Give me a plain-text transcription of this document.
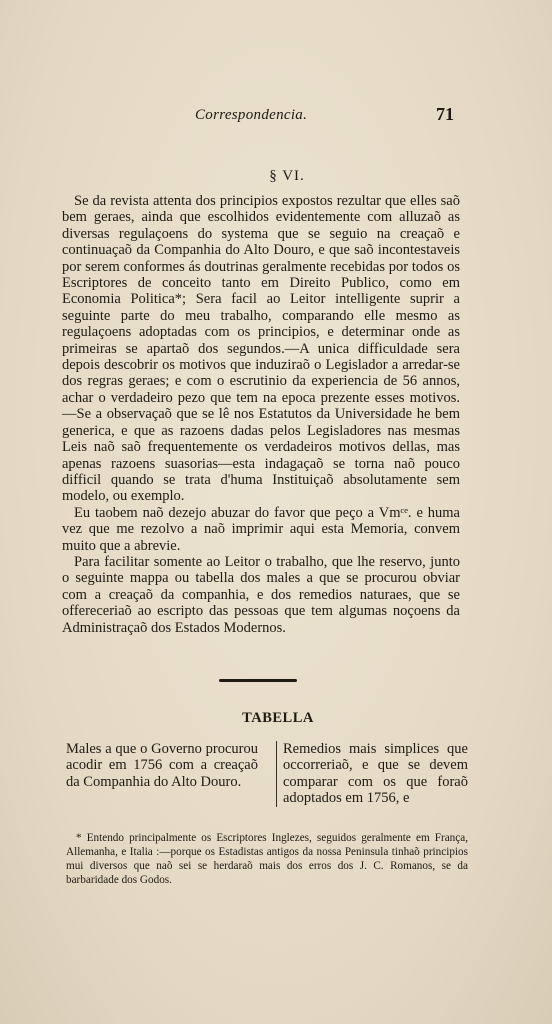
Correspondencia.	71
§ VI.

Se da revista attenta dos principios expostos rezultar que elles saõ bem geraes, ainda que escolhidos evidentemente com alluzaõ as diversas regulaçoens do systema que se seguio na creaçaõ e continuaçaõ da Companhia do Alto Douro, e que saõ incontestaveis por serem conformes ás doutrinas geralmente recebidas por todos os Escriptores de conceito tanto em Direito Publico, como em Economia Politica*; Sera facil ao Leitor intelligente suprir a seguinte parte do meu trabalho, comparando elle mesmo as regulaçoens adoptadas com os principios, e determinar onde as primeiras se apartaõ dos segundos.—A unica difficuldade sera depois descobrir os motivos que induziraõ o Legislador a arredar-se dos regras geraes; e com o escrutinio da experiencia de 56 annos, achar o verdadeiro pezo que tem na epoca prezente esses motivos.—Se a observaçaõ que se lê nos Estatutos da Universidade he bem generica, e que as razoens dadas pelos Legisladores nas mesmas Leis naõ saõ frequentemente os verdadeiros motivos dellas, mas apenas razoens suasorias—esta indagaçaõ se torna naõ pouco difficil quando se trata d'huma Instituiçaõ absolutamente sem modelo, ou exemplo.

Eu taobem naõ dezejo abuzar do favor que peço a Vmᶜᵉ. e huma vez que me rezolvo a naõ imprimir aqui esta Memoria, convem muito que a abrevie.

Para facilitar somente ao Leitor o trabalho, que lhe reservo, junto o seguinte mappa ou tabella dos males a que se procurou obviar com a creaçaõ da companhia, e dos remedios naturaes, que se offereceriaõ ao escripto das pessoas que tem algumas noçoens da Administraçaõ dos Estados Modernos.

TABELLA
Males a que o Governo procurou acodir em 1756 com a creaçaõ da Companhia do Alto Douro.
Remedios mais simplices que occorreriaõ, e que se devem comparar com os que foraõ adoptados em 1756, e
* Entendo principalmente os Escriptores Inglezes, seguidos geralmente em França, Allemanha, e Italia :—porque os Estadistas antigos da nossa Peninsula tinhaõ principios mui diversos que naõ sei se herdaraõ mais dos erros dos J. C. Romanos, se da barbaridade dos Godos.
